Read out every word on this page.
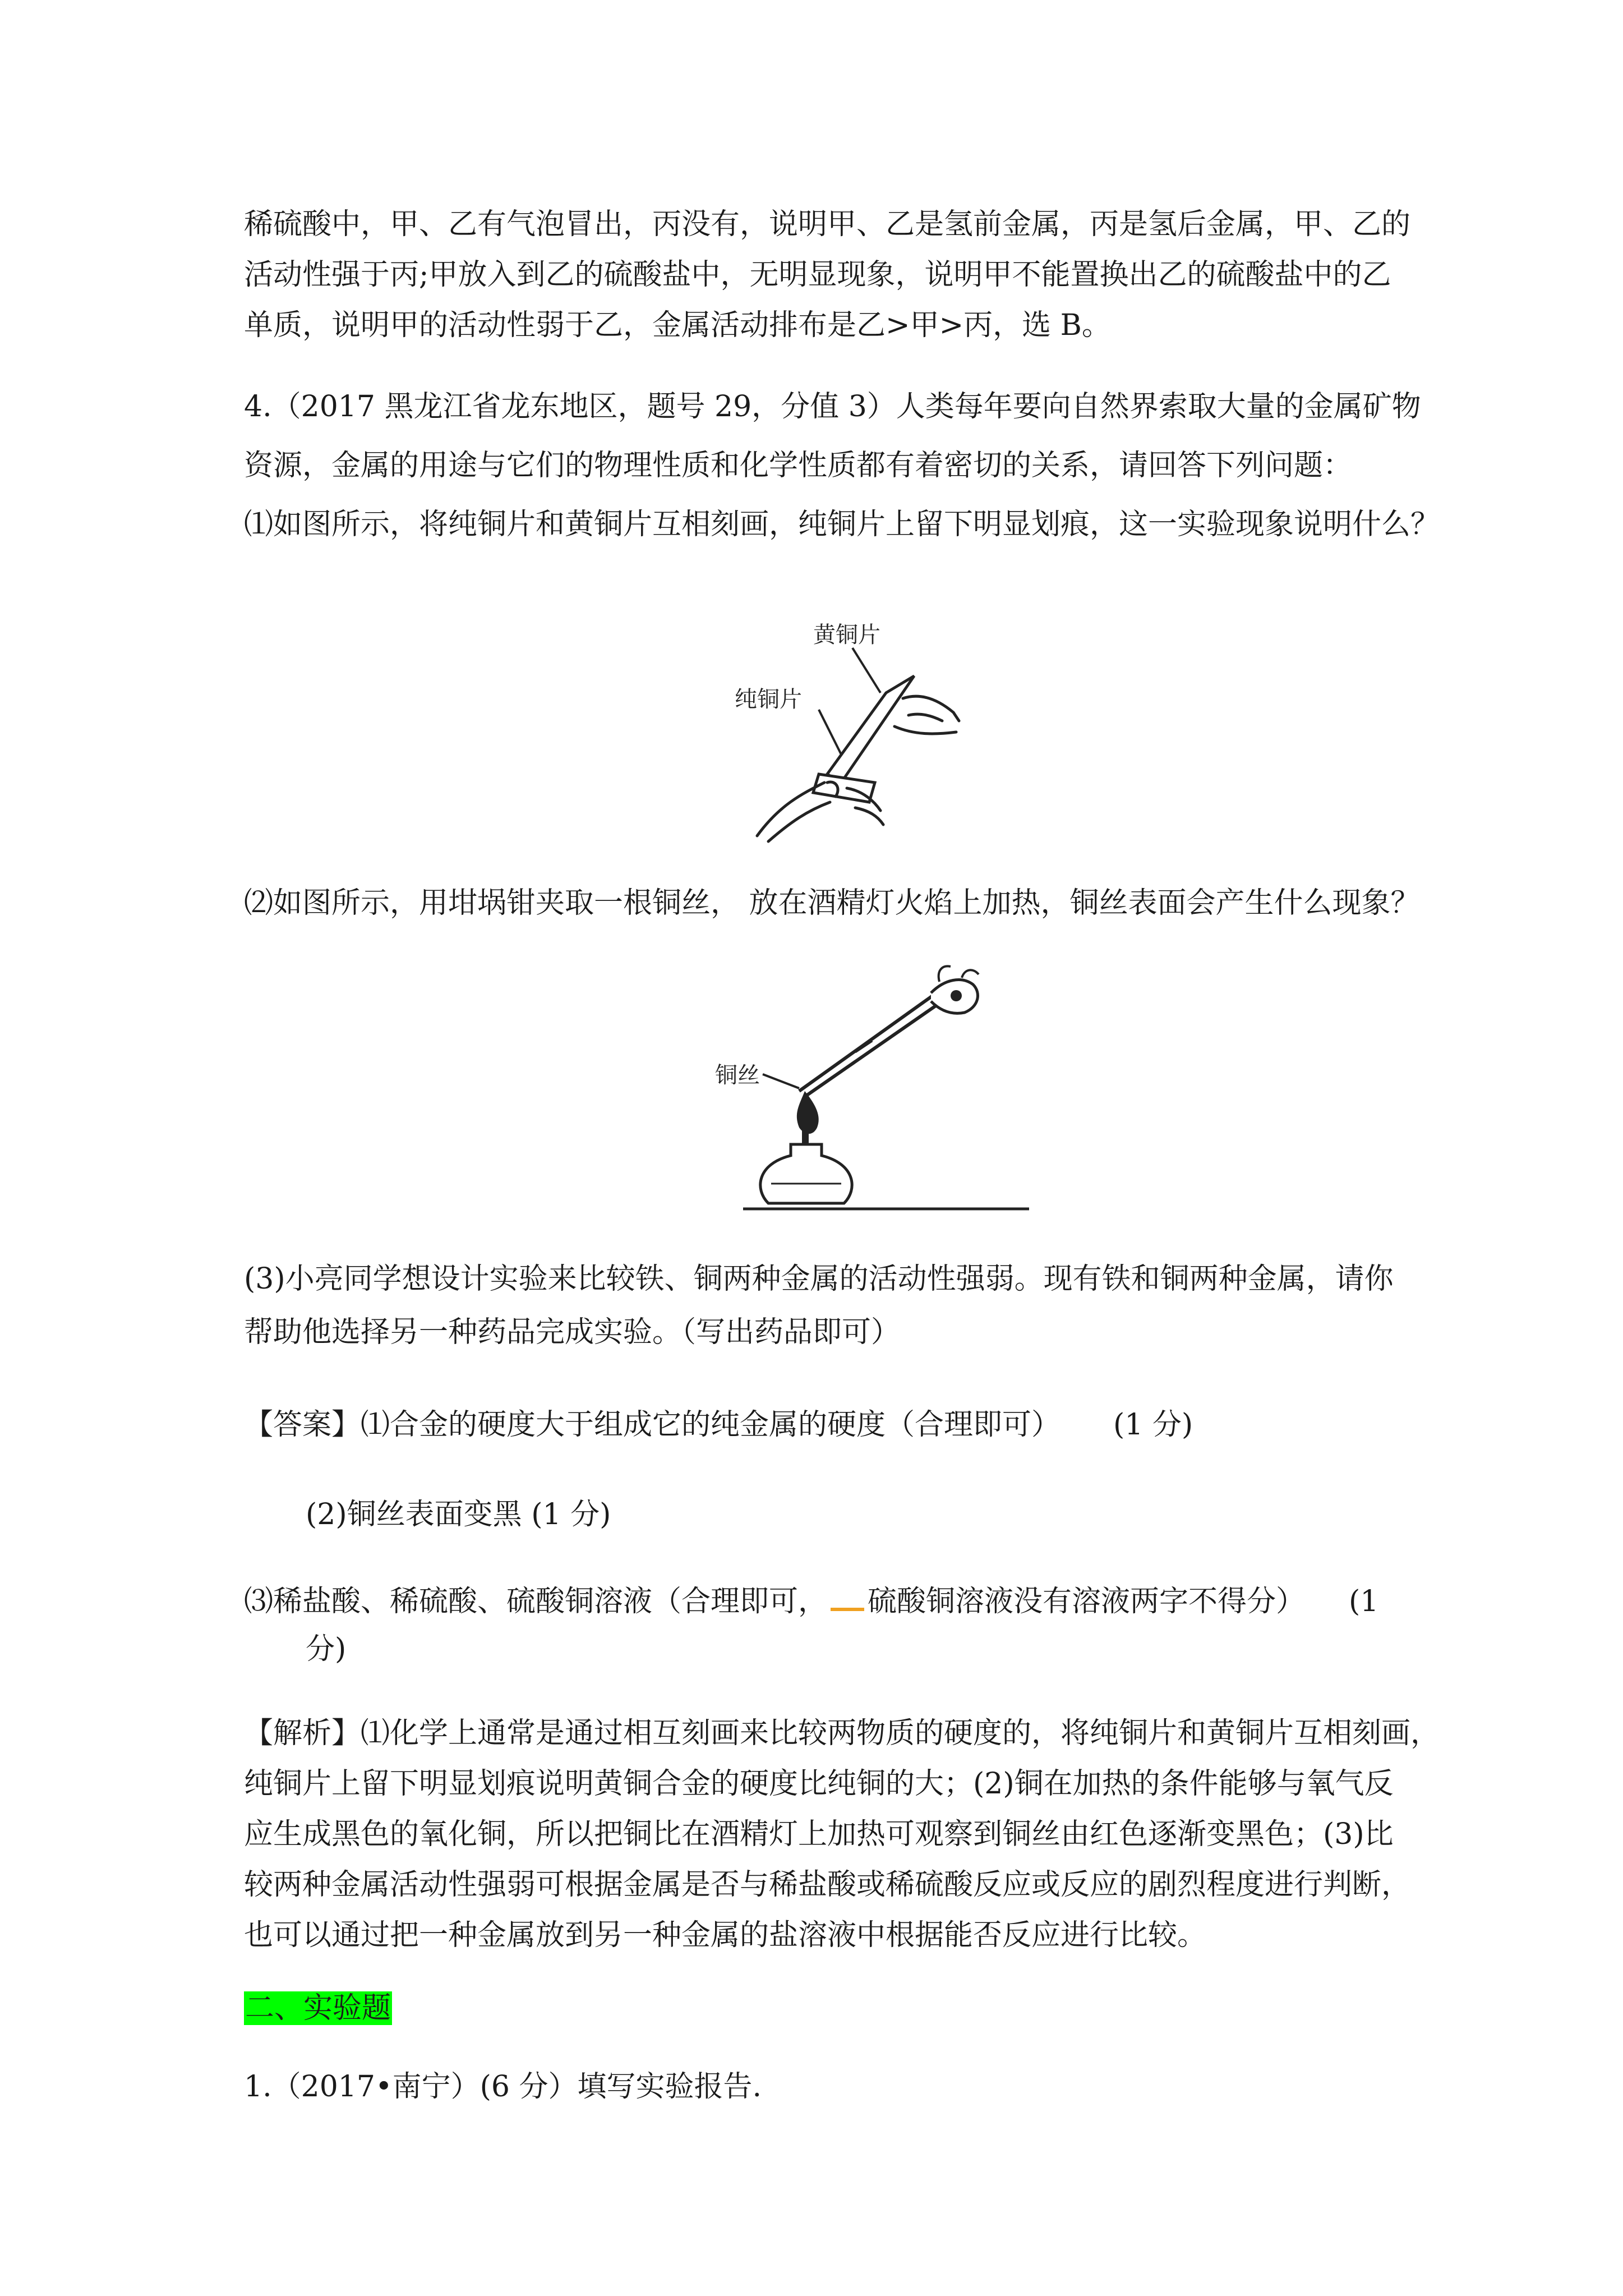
稀硫酸中，甲、乙有气泡冒出，丙没有，说明甲、乙是氢前金属，丙是氢后金属，甲、乙的
活动性强于丙;甲放入到乙的硫酸盐中，无明显现象，说明甲不能置换出乙的硫酸盐中的乙
单质，说明甲的活动性弱于乙，金属活动排布是乙>甲>丙，选 B。
4.（2017 黑龙江省龙东地区，题号 29，分值 3）人类每年要向自然界索取大量的金属矿物
资源，金属的用途与它们的物理性质和化学性质都有着密切的关系，请回答下列问题：
⑴如图所示，将纯铜片和黄铜片互相刻画，纯铜片上留下明显划痕，这一实验现象说明什么？
黄铜片
纯铜片
⑵如图所示，用坩埚钳夹取一根铜丝， 放在酒精灯火焰上加热，铜丝表面会产生什么现象？
铜丝
(3)小亮同学想设计实验来比较铁、铜两种金属的活动性强弱。现有铁和铜两种金属，请你
帮助他选择另一种药品完成实验。（写出药品即可）
【答案】⑴合金的硬度大于组成它的纯金属的硬度（合理即可） (1 分)
(2)铜丝表面变黑 (1 分)
⑶稀盐酸、稀硫酸、硫酸铜溶液（合理即可， 硫酸铜溶液没有溶液两字不得分） (1
分)
【解析】⑴化学上通常是通过相互刻画来比较两物质的硬度的，将纯铜片和黄铜片互相刻画，
纯铜片上留下明显划痕说明黄铜合金的硬度比纯铜的大；(2)铜在加热的条件能够与氧气反
应生成黑色的氧化铜，所以把铜比在酒精灯上加热可观察到铜丝由红色逐渐变黑色；(3)比
较两种金属活动性强弱可根据金属是否与稀盐酸或稀硫酸反应或反应的剧烈程度进行判断，
也可以通过把一种金属放到另一种金属的盐溶液中根据能否反应进行比较。
二、实验题
1.（2017•南宁）(6 分）填写实验报告.
